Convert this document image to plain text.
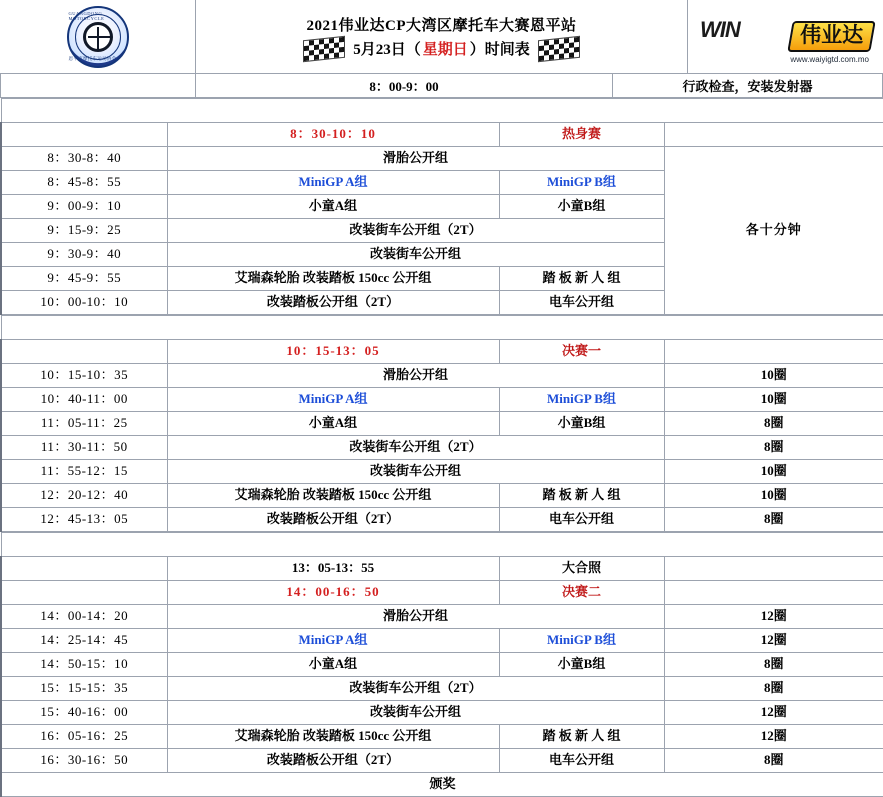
GUANGDONG MOTORCYCLE
恩平市摩托车运动协会
2021伟业达CP大湾区摩托车大赛恩平站
5月23日（ 星期日 ）时间表
WIN	伟业达
www.waiyigtd.com.mo
8：00-9：00	行政检查，安装发射器

	8：30-10：10	热身赛	
8：30-8：40	滑胎公开组		各十分钟
8：45-8：55	MiniGP A组	MiniGP B组	
9：00-9：10	小童A组	小童B组	
9：15-9：25	改装街车公开组（2T）		
9：30-9：40	改装街车公开组		
9：45-9：55	艾瑞森轮胎 改装踏板 150cc 公开组	踏 板 新 人 组	
10：00-10：10	改装踏板公开组（2T）	电车公开组	

	10：15-13：05	决赛一	
10：15-10：35	滑胎公开组		10圈
10：40-11：00	MiniGP A组	MiniGP B组	10圈
11：05-11：25	小童A组	小童B组	8圈
11：30-11：50	改装街车公开组（2T）		8圈
11：55-12：15	改装街车公开组		10圈
12：20-12：40	艾瑞森轮胎 改装踏板 150cc 公开组	踏 板 新 人 组	10圈
12：45-13：05	改装踏板公开组（2T）	电车公开组	8圈

	13：05-13：55	大合照	
	14：00-16：50	决赛二	
14：00-14：20	滑胎公开组		12圈
14：25-14：45	MiniGP A组	MiniGP B组	12圈
14：50-15：10	小童A组	小童B组	8圈
15：15-15：35	改装街车公开组（2T）		8圈
15：40-16：00	改装街车公开组		12圈
16：05-16：25	艾瑞森轮胎 改装踏板 150cc 公开组	踏 板 新 人 组	12圈
16：30-16：50	改装踏板公开组（2T）	电车公开组	8圈
颁奖			
